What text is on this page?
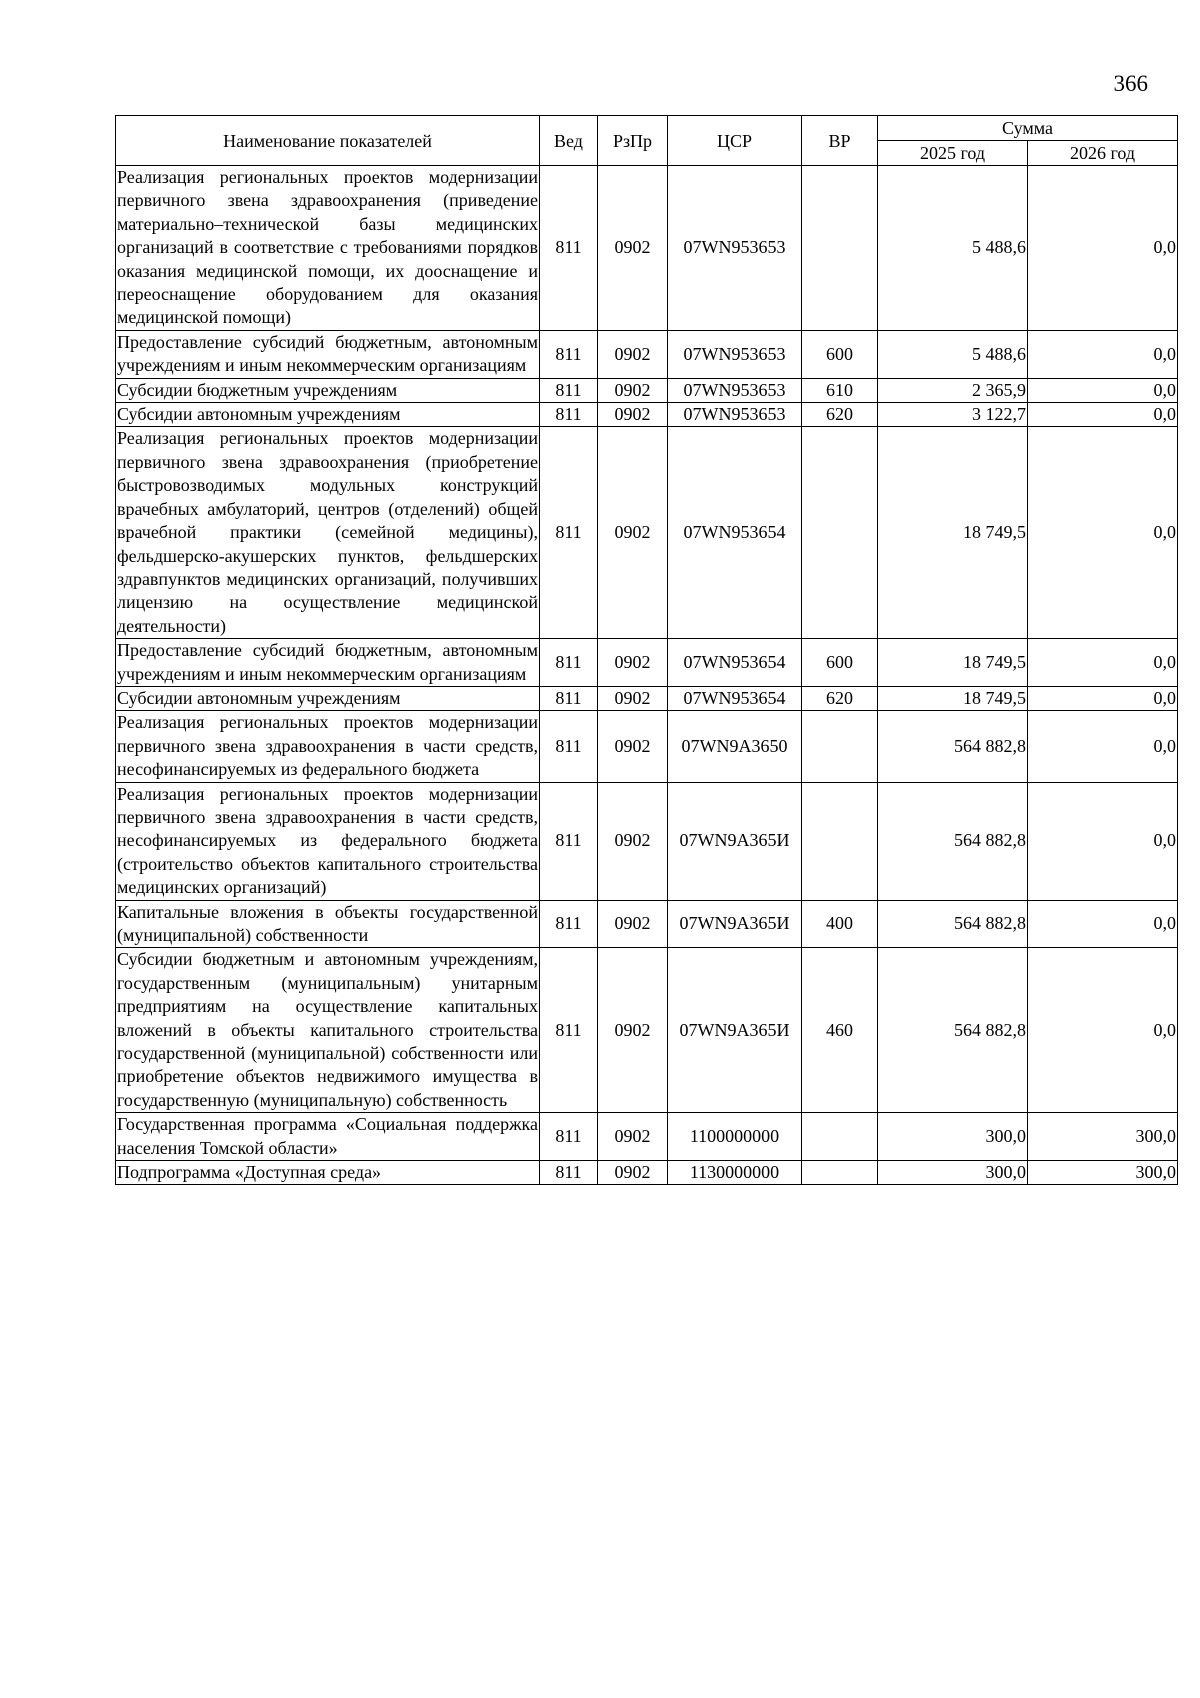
366
Наименование показателей	Вед	РзПр	ЦСР	ВР	Сумма	
					2025 год	2026 год
Реализация региональных проектов модернизации первичного звена здравоохранения (приведение материально–технической базы медицинских организаций в соответствие с требованиями порядков оказания медицинской помощи, их дооснащение и переоснащение оборудованием для оказания медицинской помощи)	811	0902	07WN953653		5 488,6	0,0
Предоставление субсидий бюджетным, автономным учреждениям и иным некоммерческим организациям	811	0902	07WN953653	600	5 488,6	0,0
Субсидии бюджетным учреждениям	811	0902	07WN953653	610	2 365,9	0,0
Субсидии автономным учреждениям	811	0902	07WN953653	620	3 122,7	0,0
Реализация региональных проектов модернизации первичного звена здравоохранения (приобретение быстровозводимых модульных конструкций врачебных амбулаторий, центров (отделений) общей врачебной практики (семейной медицины), фельдшерско-акушерских пунктов, фельдшерских здравпунктов медицинских организаций, получивших лицензию на осуществление медицинской деятельности)	811	0902	07WN953654		18 749,5	0,0
Предоставление субсидий бюджетным, автономным учреждениям и иным некоммерческим организациям	811	0902	07WN953654	600	18 749,5	0,0
Субсидии автономным учреждениям	811	0902	07WN953654	620	18 749,5	0,0
Реализация региональных проектов модернизации первичного звена здравоохранения в части средств, несофинансируемых из федерального бюджета	811	0902	07WN9A3650		564 882,8	0,0
Реализация региональных проектов модернизации первичного звена здравоохранения в части средств, несофинансируемых из федерального бюджета (строительство объектов капитального строительства медицинских организаций)	811	0902	07WN9A365И		564 882,8	0,0
Капитальные вложения в объекты государственной (муниципальной) собственности	811	0902	07WN9A365И	400	564 882,8	0,0
Субсидии бюджетным и автономным учреждениям, государственным (муниципальным) унитарным предприятиям на осуществление капитальных вложений в объекты капитального строительства государственной (муниципальной) собственности или приобретение объектов недвижимого имущества в государственную (муниципальную) собственность	811	0902	07WN9A365И	460	564 882,8	0,0
Государственная программа «Социальная поддержка населения Томской области»	811	0902	1100000000		300,0	300,0
Подпрограмма «Доступная среда»	811	0902	1130000000		300,0	300,0
